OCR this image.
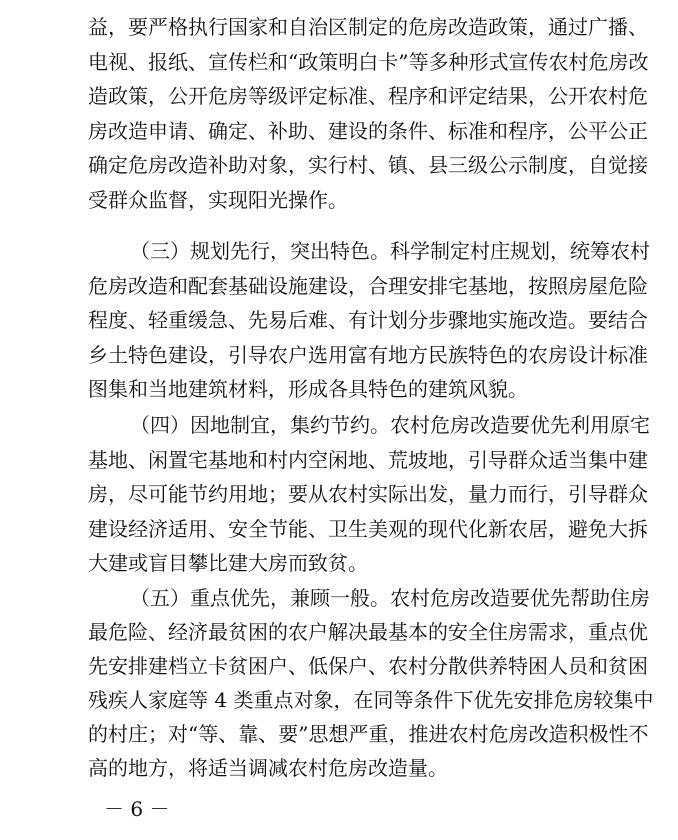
益，要严格执行国家和自治区制定的危房改造政策，通过广播、
电视、报纸、宣传栏和“政策明白卡”等多种形式宣传农村危房改
造政策，公开危房等级评定标准、程序和评定结果，公开农村危
房改造申请、确定、补助、建设的条件、标准和程序，公平公正
确定危房改造补助对象，实行村、镇、县三级公示制度，自觉接
受群众监督，实现阳光操作。
（三）规划先行，突出特色。科学制定村庄规划，统筹农村
危房改造和配套基础设施建设，合理安排宅基地，按照房屋危险
程度、轻重缓急、先易后难、有计划分步骤地实施改造。要结合
乡土特色建设，引导农户选用富有地方民族特色的农房设计标准
图集和当地建筑材料，形成各具特色的建筑风貌。
（四）因地制宜，集约节约。农村危房改造要优先利用原宅
基地、闲置宅基地和村内空闲地、荒坡地，引导群众适当集中建
房，尽可能节约用地；要从农村实际出发，量力而行，引导群众
建设经济适用、安全节能、卫生美观的现代化新农居，避免大拆
大建或盲目攀比建大房而致贫。
（五）重点优先，兼顾一般。农村危房改造要优先帮助住房
最危险、经济最贫困的农户解决最基本的安全住房需求，重点优
先安排建档立卡贫困户、低保户、农村分散供养特困人员和贫困
残疾人家庭等 4 类重点对象，在同等条件下优先安排危房较集中
的村庄；对“等、靠、要”思想严重，推进农村危房改造积极性不
高的地方，将适当调减农村危房改造量。
－ 6 －
